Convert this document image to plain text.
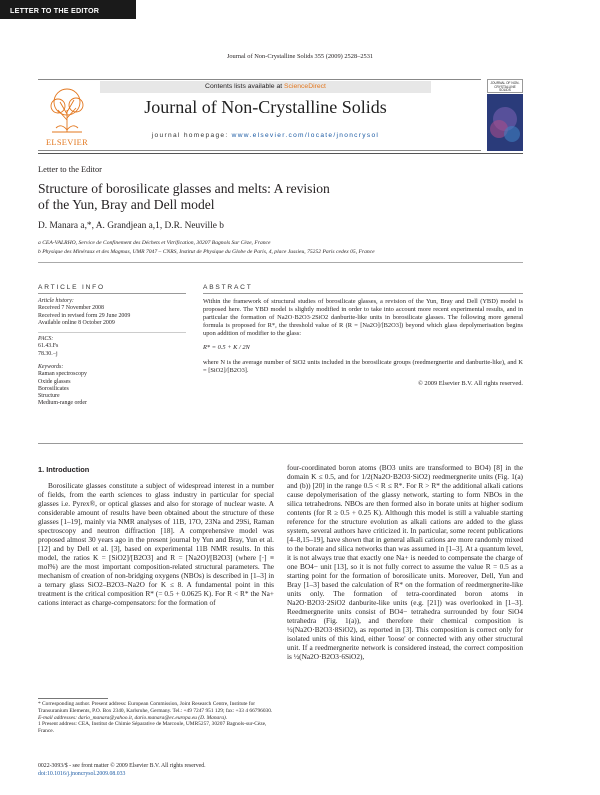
LETTER TO THE EDITOR
Journal of Non-Crystalline Solids 355 (2009) 2528–2531
ELSEVIER
Contents lists available at ScienceDirect
Journal of Non-Crystalline Solids
journal homepage: www.elsevier.com/locate/jnoncrysol
JOURNAL OF NON-CRYSTALLINE SOLIDS
Letter to the Editor
Structure of borosilicate glasses and melts: A revision
of the Yun, Bray and Dell model
D. Manara a,*, A. Grandjean a,1, D.R. Neuville b
a CEA-VALRHO, Service de Confinement des Déchets et Vitrification, 30207 Bagnols Sur Cèze, France
b Physique des Minéraux et des Magmas, UMR 7047 – CNRS, Institut de Physique du Globe de Paris, 4, place Jussieu, 75252 Paris cedex 05, France
ARTICLE INFO
Article history:
Received 7 November 2008
Received in revised form 29 June 2009
Available online 8 October 2009
PACS:
61.43.Fs
78.30.−j
Keywords:
Raman spectroscopy
Oxide glasses
Borosilicates
Structure
Medium-range order
ABSTRACT

Within the framework of structural studies of borosilicate glasses, a revision of the Yun, Bray and Dell (YBD) model is proposed here. The YBD model is slightly modified in order to take into account more recent experimental results, and in particular the formation of Na2O·B2O3·2SiO2 danburite-like units in borosilicate glasses. The following more general formula is proposed for R*, the threshold value of R (R = [Na2O]/[B2O3]) beyond which glass depolymerisation begins upon addition of modifier to the glass:

R* = 0.5 + K / 2N

where N is the average number of SiO2 units included in the borosilicate groups (reedmergnerite and danburite-like), and K = [SiO2]/[B2O3].

© 2009 Elsevier B.V. All rights reserved.

1. Introduction
Borosilicate glasses constitute a subject of widespread interest in a number of fields, from the earth sciences to glass industry in particular for special glasses i.e. Pyrex®, or optical glasses and also for storage of nuclear waste. A considerable amount of results have been obtained about the structure of these glasses [1–19], mainly via NMR analyses of 11B, 17O, 23Na and 29Si, Raman spectroscopy and neutron diffraction [18]. A comprehensive model was proposed almost 30 years ago in the present journal by Yun and Bray, Yun et al. [12] and by Dell et al. [3], based on experimental 11B NMR results. In this model, the ratios K = [SiO2]/[B2O3] and R = [Na2O]/[B2O3] (where [·] ≡ mol%) are the most important composition-related structural parameters. The mechanism of creation of non-bridging oxygens (NBOs) is described in [1–3] in a ternary glass SiO2–B2O3–Na2O for K ≤ 8. A fundamental point in this treatment is the critical composition R* (= 0.5 + 0.0625 K). For R < R* the Na+ cations interact as charge-compensators: for the formation of
four-coordinated boron atoms (BO3 units are transformed to BO4) [8] in the domain K ≤ 0.5, and for 1/2(Na2O·B2O3·SiO2) reedmergnerite units (Fig. 1(a) and (b)) [20] in the range 0.5 < R ≤ R*. For R > R* the additional alkali cations cause depolymerisation of the glassy network, starting to form NBOs in the silica tetrahedrons. NBOs are then formed also in borate units at higher sodium contents (for R ≥ 0.5 + 0.25 K). Although this model is still a valuable starting reference for the structure evolution as alkali cations are added to the glass system, several authors have criticized it. In particular, some recent publications [4–8,15–19], have shown that in general alkali cations are more randomly mixed to the borate and silica networks than was assumed in [1–3]. At a quantum level, it is not always true that exactly one Na+ is needed to compensate the charge of one BO4− unit [13], so it is not fully correct to assume the value R = 0.5 as a starting point for the formation of borosilicate units. Moreover, Dell, Yun and Bray [1–3] based the calculation of R* on the formation of reedmergnerite-like units only. The formation of tetra-coordinated boron atoms in Na2O·B2O3·2SiO2 danburite-like units (e.g. [21]) was overlooked in [1–3]. Reedmergnerite units consist of BO4− tetrahedra surrounded by four SiO4 tetrahedra (Fig. 1(a)), and therefore their chemical composition is ½(Na2O·B2O3·8SiO2), as reported in [3]. This composition is correct only for isolated units of this kind, either 'loose' or connected with any other structural unit. If a reedmergnerite network is considered instead, the correct composition is ½(Na2O·B2O3·6SiO2),
* Corresponding author. Present address: European Commission, Joint Research Centre, Institute for Transuranium Elements, P.O. Box 2340, Karlsruhe, Germany. Tel.: +49 7247 951 129; fax: +33 4 66796030.
E-mail addresses: dario_manara@yahoo.it, dario.manara@ec.europa.eu (D. Manara).
1 Present address: CEA, Institut de Chimie Séparative de Marcoule, UMR5257, 30207 Bagnols-sur-Cèze, France.
0022-3093/$ - see front matter © 2009 Elsevier B.V. All rights reserved.
doi:10.1016/j.jnoncrysol.2009.08.033
